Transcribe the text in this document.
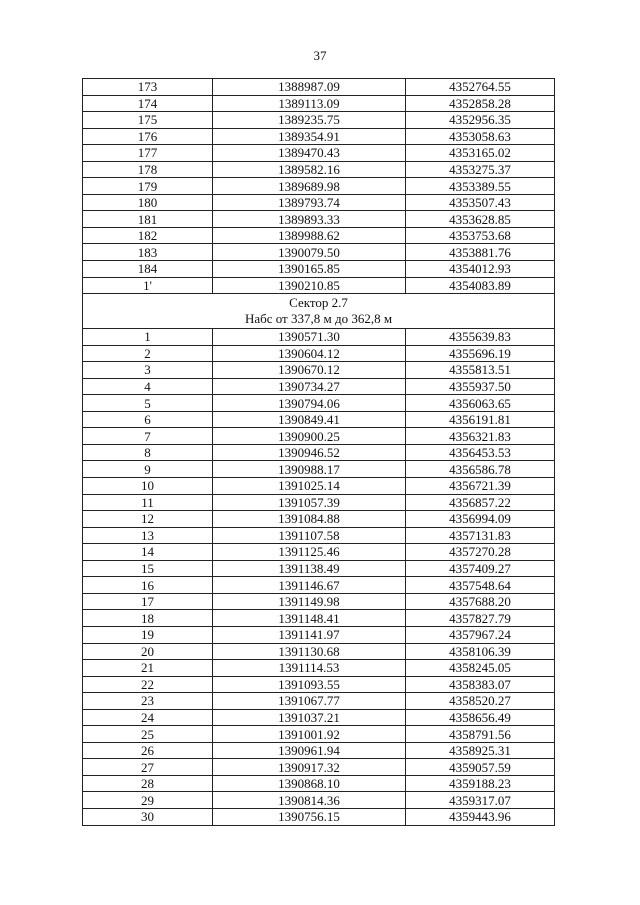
37
173	1388987.09	4352764.55
174	1389113.09	4352858.28
175	1389235.75	4352956.35
176	1389354.91	4353058.63
177	1389470.43	4353165.02
178	1389582.16	4353275.37
179	1389689.98	4353389.55
180	1389793.74	4353507.43
181	1389893.33	4353628.85
182	1389988.62	4353753.68
183	1390079.50	4353881.76
184	1390165.85	4354012.93
1'	1390210.85	4354083.89

Сектор 2.7
Набс от 337,8 м до 362,8 м		

1	1390571.30	4355639.83
2	1390604.12	4355696.19
3	1390670.12	4355813.51
4	1390734.27	4355937.50
5	1390794.06	4356063.65
6	1390849.41	4356191.81
7	1390900.25	4356321.83
8	1390946.52	4356453.53
9	1390988.17	4356586.78
10	1391025.14	4356721.39
11	1391057.39	4356857.22
12	1391084.88	4356994.09
13	1391107.58	4357131.83
14	1391125.46	4357270.28
15	1391138.49	4357409.27
16	1391146.67	4357548.64
17	1391149.98	4357688.20
18	1391148.41	4357827.79
19	1391141.97	4357967.24
20	1391130.68	4358106.39
21	1391114.53	4358245.05
22	1391093.55	4358383.07
23	1391067.77	4358520.27
24	1391037.21	4358656.49
25	1391001.92	4358791.56
26	1390961.94	4358925.31
27	1390917.32	4359057.59
28	1390868.10	4359188.23
29	1390814.36	4359317.07
30	1390756.15	4359443.96
